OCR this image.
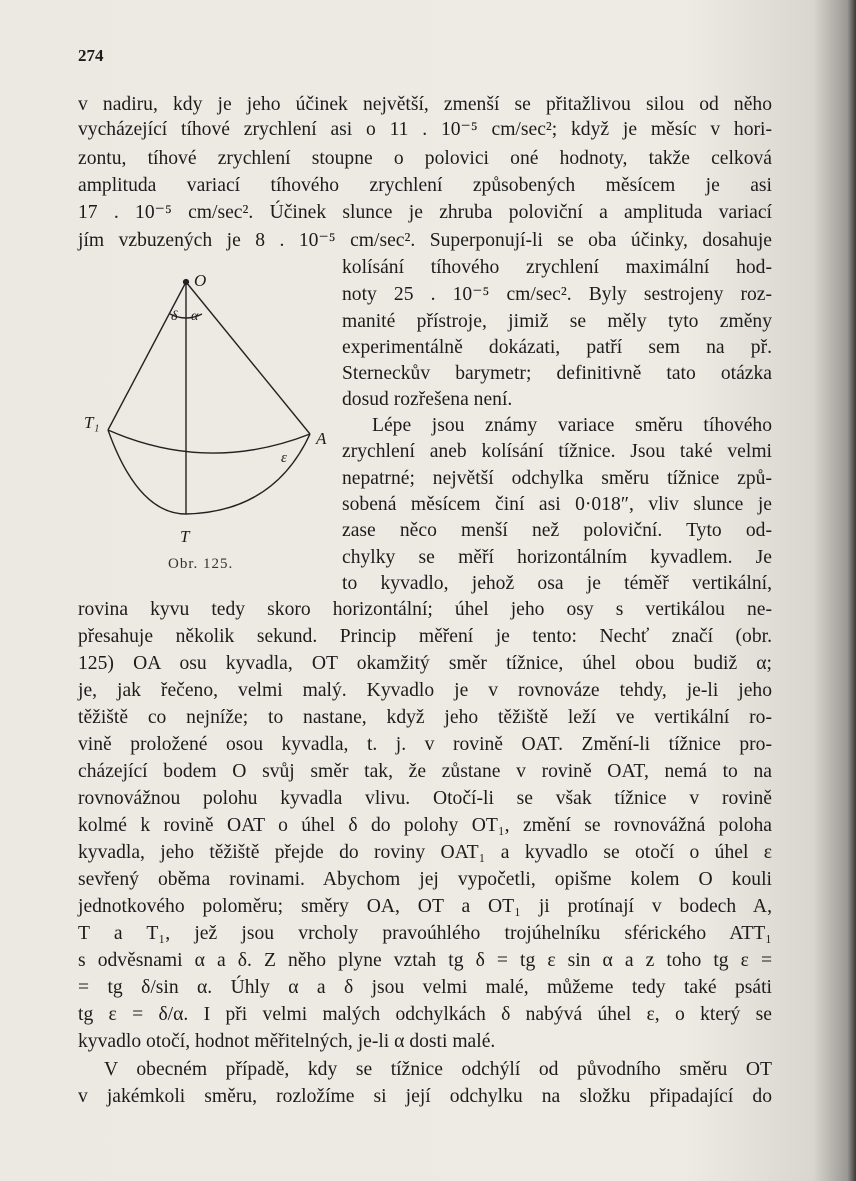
274
v nadiru, kdy je jeho účinek největší, zmenší se přitažlivou silou od něho
vycházející tíhové zrychlení asi o 11 . 10⁻⁵ cm/sec²; když je měsíc v hori-
zontu, tíhové zrychlení stoupne o polovici oné hodnoty, takže celková
amplituda variací tíhového zrychlení způsobených měsícem je asi
17 . 10⁻⁵ cm/sec². Účinek slunce je zhruba poloviční a amplituda variací
jím vzbuzených je 8 . 10⁻⁵ cm/sec². Superponují-li se oba účinky, dosahuje
kolísání tíhového zrychlení maximální hod-
noty 25 . 10⁻⁵ cm/sec². Byly sestrojeny roz-
manité přístroje, jimiž se měly tyto změny
experimentálně dokázati, patří sem na př.
Sterneckův barymetr; definitivně tato otázka
dosud rozřešena není.
Lépe jsou známy variace směru tíhového
zrychlení aneb kolísání tížnice. Jsou také velmi
nepatrné; největší odchylka směru tížnice způ-
sobená měsícem činí asi 0·018″, vliv slunce je
zase něco menší než poloviční. Tyto od-
chylky se měří horizontálním kyvadlem. Je
to kyvadlo, jehož osa je téměř vertikální,
O
δ α
T₁
A
ε
T
Obr. 125.
rovina kyvu tedy skoro horizontální; úhel jeho osy s vertikálou ne-
přesahuje několik sekund. Princip měření je tento: Nechť značí (obr.
125) OA osu kyvadla, OT okamžitý směr tížnice, úhel obou budiž α;
je, jak řečeno, velmi malý. Kyvadlo je v rovnováze tehdy, je-li jeho
těžiště co nejníže; to nastane, když jeho těžiště leží ve vertikální ro-
vině proložené osou kyvadla, t. j. v rovině OAT. Změní-li tížnice pro-
cházející bodem O svůj směr tak, že zůstane v rovině OAT, nemá to na
rovnovážnou polohu kyvadla vlivu. Otočí-li se však tížnice v rovině
kolmé k rovině OAT o úhel δ do polohy OT₁, změní se rovnovážná poloha
kyvadla, jeho těžiště přejde do roviny OAT₁ a kyvadlo se otočí o úhel ε
sevřený oběma rovinami. Abychom jej vypočetli, opišme kolem O kouli
jednotkového poloměru; směry OA, OT a OT₁ ji protínají v bodech A,
T a T₁, jež jsou vrcholy pravoúhlého trojúhelníku sférického ATT₁
s odvěsnami α a δ. Z něho plyne vztah tg δ = tg ε sin α a z toho tg ε =
= tg δ/sin α. Úhly α a δ jsou velmi malé, můžeme tedy také psáti
tg ε = δ/α. I při velmi malých odchylkách δ nabývá úhel ε, o který se
kyvadlo otočí, hodnot měřitelných, je-li α dosti malé.
V obecném případě, kdy se tížnice odchýlí od původního směru OT
v jakémkoli směru, rozložíme si její odchylku na složku připadající do
